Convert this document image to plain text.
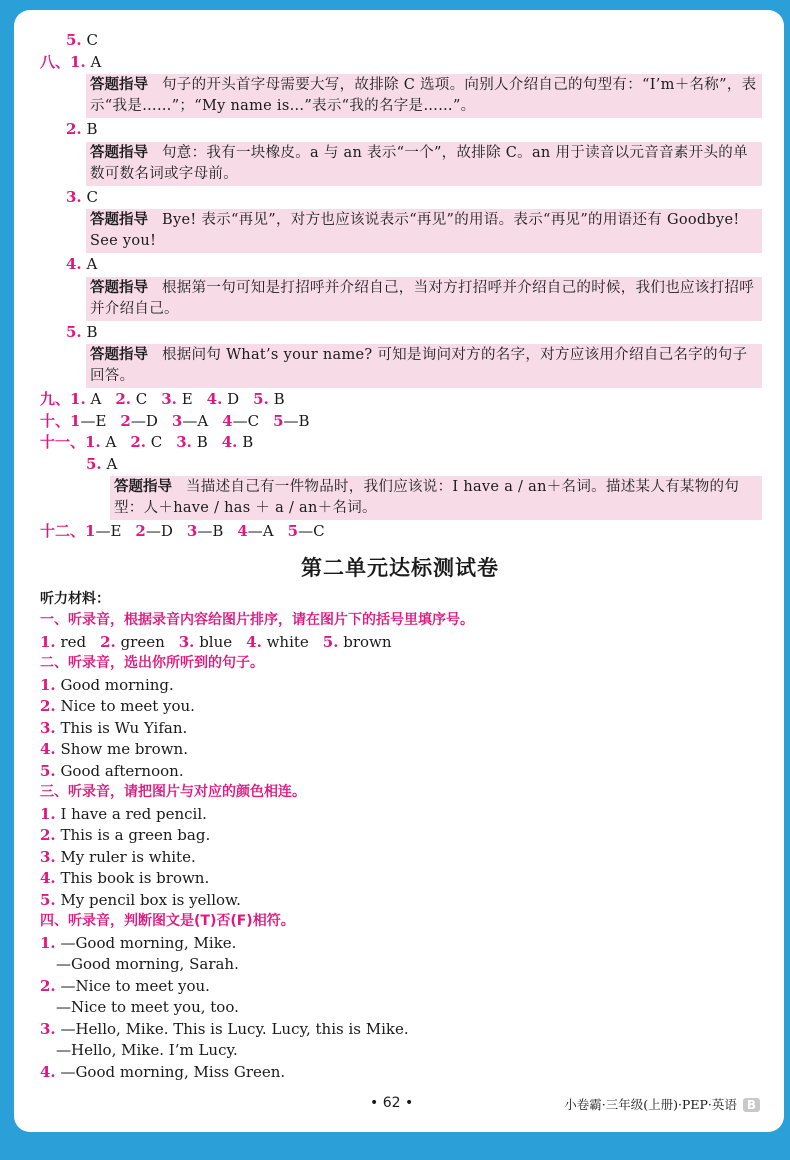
5. C
八、1. A
答题指导 句子的开头首字母需要大写，故排除 C 选项。向别人介绍自己的句型有：“I’m＋名称”，表示“我是……”；“My name is...”表示“我的名字是……”。
2. B
答题指导 句意：我有一块橡皮。a 与 an 表示“一个”，故排除 C。an 用于读音以元音音素开头的单数可数名词或字母前。
3. C
答题指导 Bye! 表示“再见”，对方也应该说表示“再见”的用语。表示“再见”的用语还有 Goodbye! See you!
4. A
答题指导 根据第一句可知是打招呼并介绍自己，当对方打招呼并介绍自己的时候，我们也应该打招呼并介绍自己。
5. B
答题指导 根据问句 What’s your name? 可知是询问对方的名字，对方应该用介绍自己名字的句子回答。
九、1. A 2. C 3. E 4. D 5. B
十、1—E 2—D 3—A 4—C 5—B
十一、1. A 2. C 3. B 4. B
5. A
答题指导 当描述自己有一件物品时，我们应该说：I have a / an＋名词。描述某人有某物的句型：人＋have / has ＋ a / an＋名词。
十二、1—E 2—D 3—B 4—A 5—C
第二单元达标测试卷
听力材料：
一、听录音，根据录音内容给图片排序，请在图片下的括号里填序号。
1. red 2. green 3. blue 4. white 5. brown
二、听录音，选出你所听到的句子。
1. Good morning.
2. Nice to meet you.
3. This is Wu Yifan.
4. Show me brown.
5. Good afternoon.
三、听录音，请把图片与对应的颜色相连。
1. I have a red pencil.
2. This is a green bag.
3. My ruler is white.
4. This book is brown.
5. My pencil box is yellow.
四、听录音，判断图文是(T)否(F)相符。
1. —Good morning, Mike.
—Good morning, Sarah.
2. —Nice to meet you.
—Nice to meet you, too.
3. —Hello, Mike. This is Lucy. Lucy, this is Mike.
—Hello, Mike. I’m Lucy.
4. —Good morning, Miss Green.
• 62 •	小卷霸·三年级(上册)·PEP·英语 B
